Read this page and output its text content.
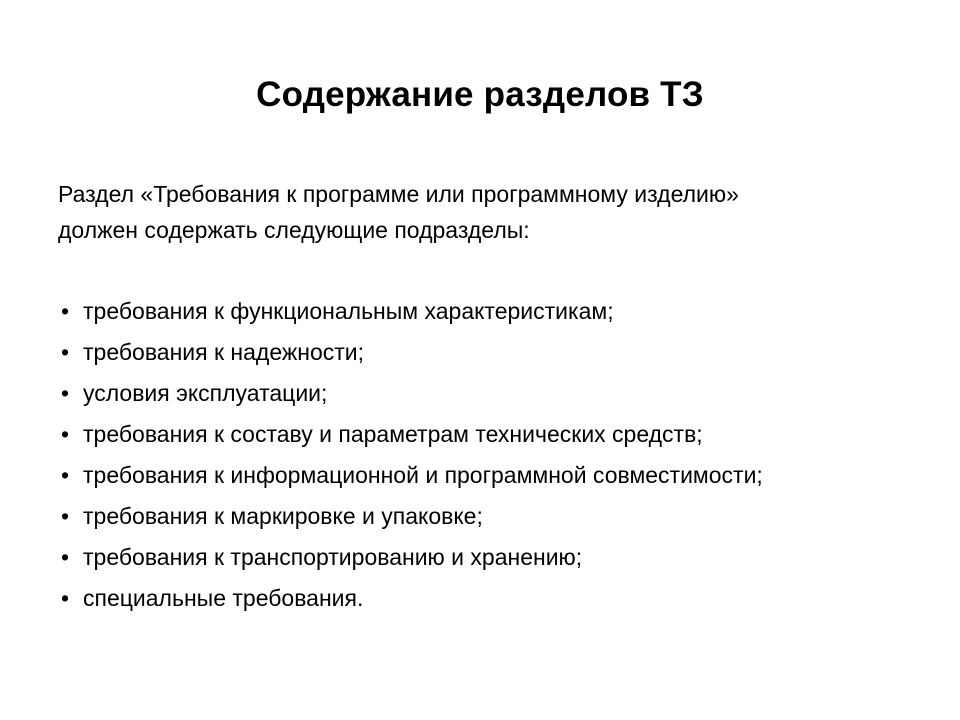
Содержание разделов ТЗ
Раздел «Требования к программе или программному изделию»
должен содержать следующие подразделы:
• требования к функциональным характеристикам;
• требования к надежности;
• условия эксплуатации;
• требования к составу и параметрам технических средств;
• требования к информационной и программной совместимости;
• требования к маркировке и упаковке;
• требования к транспортированию и хранению;
• специальные требования.
